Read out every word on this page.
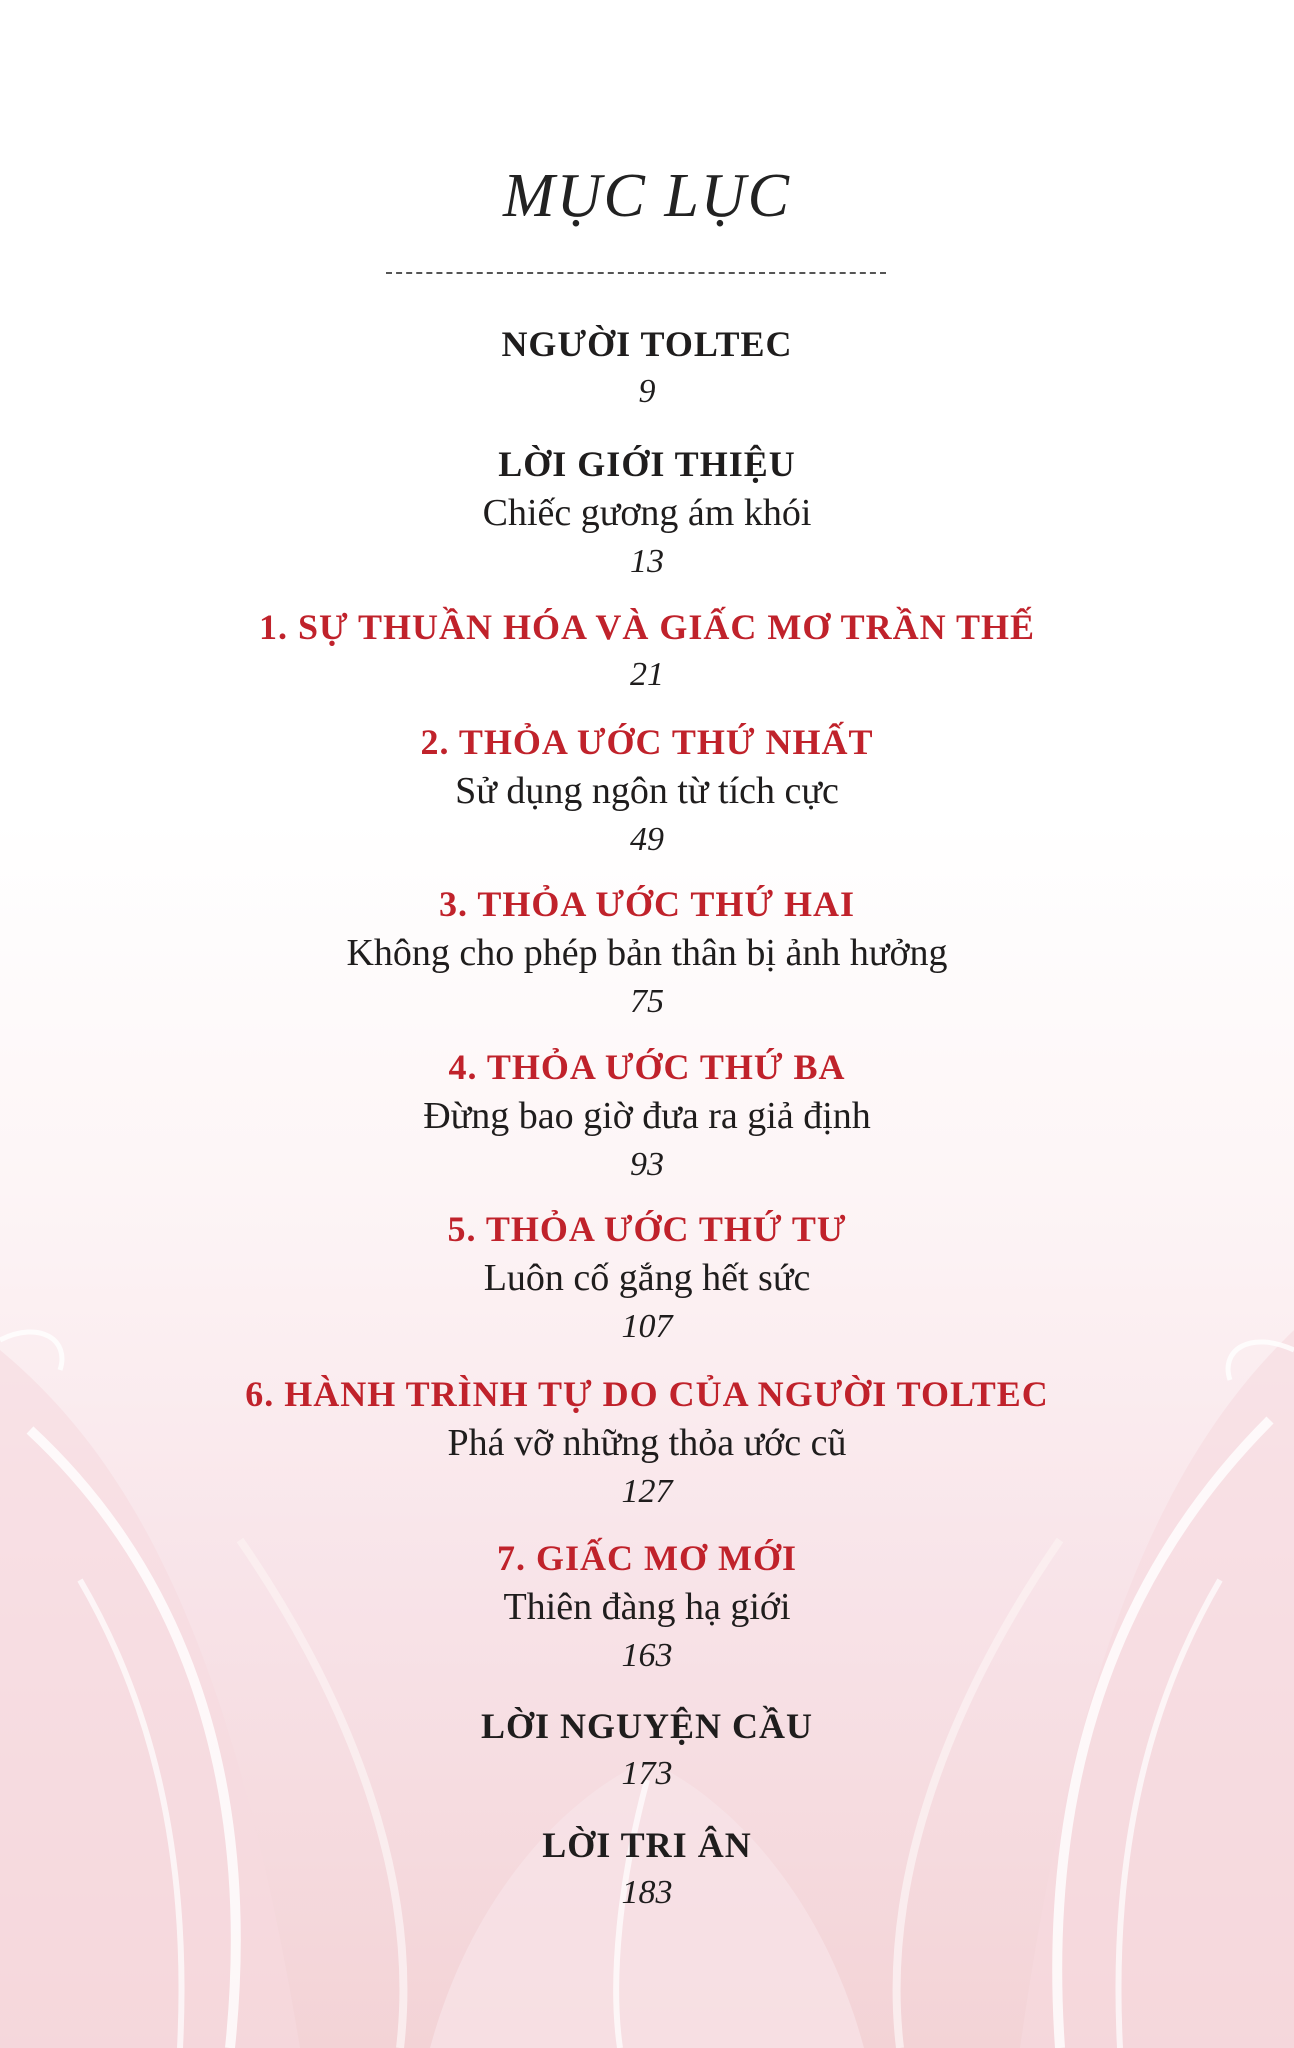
MỤC LỤC
NGƯỜI TOLTEC
9
LỜI GIỚI THIỆU
Chiếc gương ám khói
13
1. SỰ THUẦN HÓA VÀ GIẤC MƠ TRẦN THẾ
21
2. THỎA ƯỚC THỨ NHẤT
Sử dụng ngôn từ tích cực
49
3. THỎA ƯỚC THỨ HAI
Không cho phép bản thân bị ảnh hưởng
75
4. THỎA ƯỚC THỨ BA
Đừng bao giờ đưa ra giả định
93
5. THỎA ƯỚC THỨ TƯ
Luôn cố gắng hết sức
107
6. HÀNH TRÌNH TỰ DO CỦA NGƯỜI TOLTEC
Phá vỡ những thỏa ước cũ
127
7. GIẤC MƠ MỚI
Thiên đàng hạ giới
163
LỜI NGUYỆN CẦU
173
LỜI TRI ÂN
183
